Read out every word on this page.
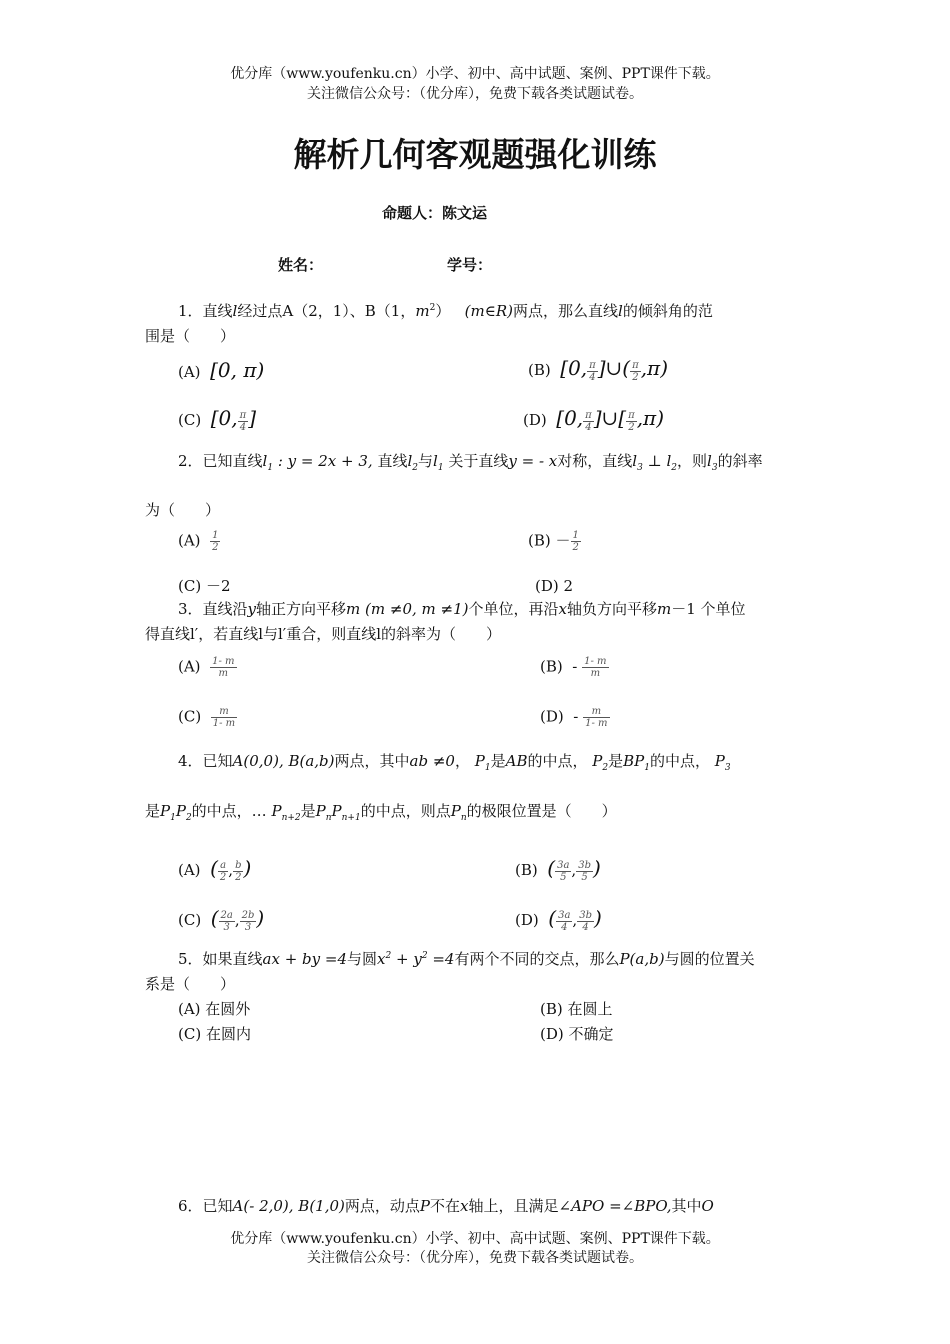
优分库（www.youfenku.cn）小学、初中、高中试题、案例、PPT课件下载。
关注微信公众号：（优分库），免费下载各类试题试卷。
解析几何客观题强化训练
命题人：陈文运
姓名：	学号：
1．直线l经过点A（2，1）、B（1，$m^2$） (m∈R)两点，那么直线l的倾斜角的范
围是（　　）
(A) [0, π)	(B) [0, $\frac{\pi}{4}$ ]∪( $\frac{\pi}{2} ,\pi$)
(C) [0, $\frac{\pi}{4}$ ]	(D) [0, $\frac{\pi}{4}$ ]∪[ $\frac{\pi}{2} ,\pi$)
2．已知直线$l_1$ : y = 2x + 3, 直线$l_2$与$l_1$ 关于直线y = - x对称，直线$l_3$ ⊥ $l_2$，则$l_3$的斜率
为（　　）
$(A) \frac{1}{2}$	$(B) - \frac{1}{2}$
(C) －2	(D) 2
3．直线沿y轴正方向平移m (m ≠0, m ≠1)个单位，再沿x轴负方向平移m－1 个单位
得直线l′，若直线l与l′重合，则直线l的斜率为（　　）
$(A) \frac{1- m}{m}$	$(B) - \frac{1- m}{m}$
$(C) \frac{m}{1- m}$	$(D) - \frac{m}{1- m}$
4．已知A(0,0), B(a,b)两点，其中ab ≠0， $P_1$是AB的中点， $P_2$是$BP_1$的中点， $P_3$
是$P_1P_2$的中点，… $P_{n+2}$是$P_nP_{n+1}$的中点，则点$P_n$的极限位置是（　　）
(A) ( $\frac{a}{2}$ , $\frac{b}{2}$ )	(B) ( $\frac{3a}{5}$ , $\frac{3b}{5}$ )
(C) ( $\frac{2a}{3}$ , $\frac{2b}{3}$ )	(D) ( $\frac{3a}{4}$ , $\frac{3b}{4}$ )
5．如果直线ax + by =4与圆$x^2 + y^2 =4$有两个不同的交点，那么P(a,b)与圆的位置关
系是（　　）
(A) 在圆外	(B) 在圆上
(C) 在圆内	(D) 不确定
6．已知A(- 2,0), B(1,0)两点，动点P不在x轴上，且满足∠APO =∠BPO,其中O
优分库（www.youfenku.cn）小学、初中、高中试题、案例、PPT课件下载。
关注微信公众号：（优分库），免费下载各类试题试卷。
